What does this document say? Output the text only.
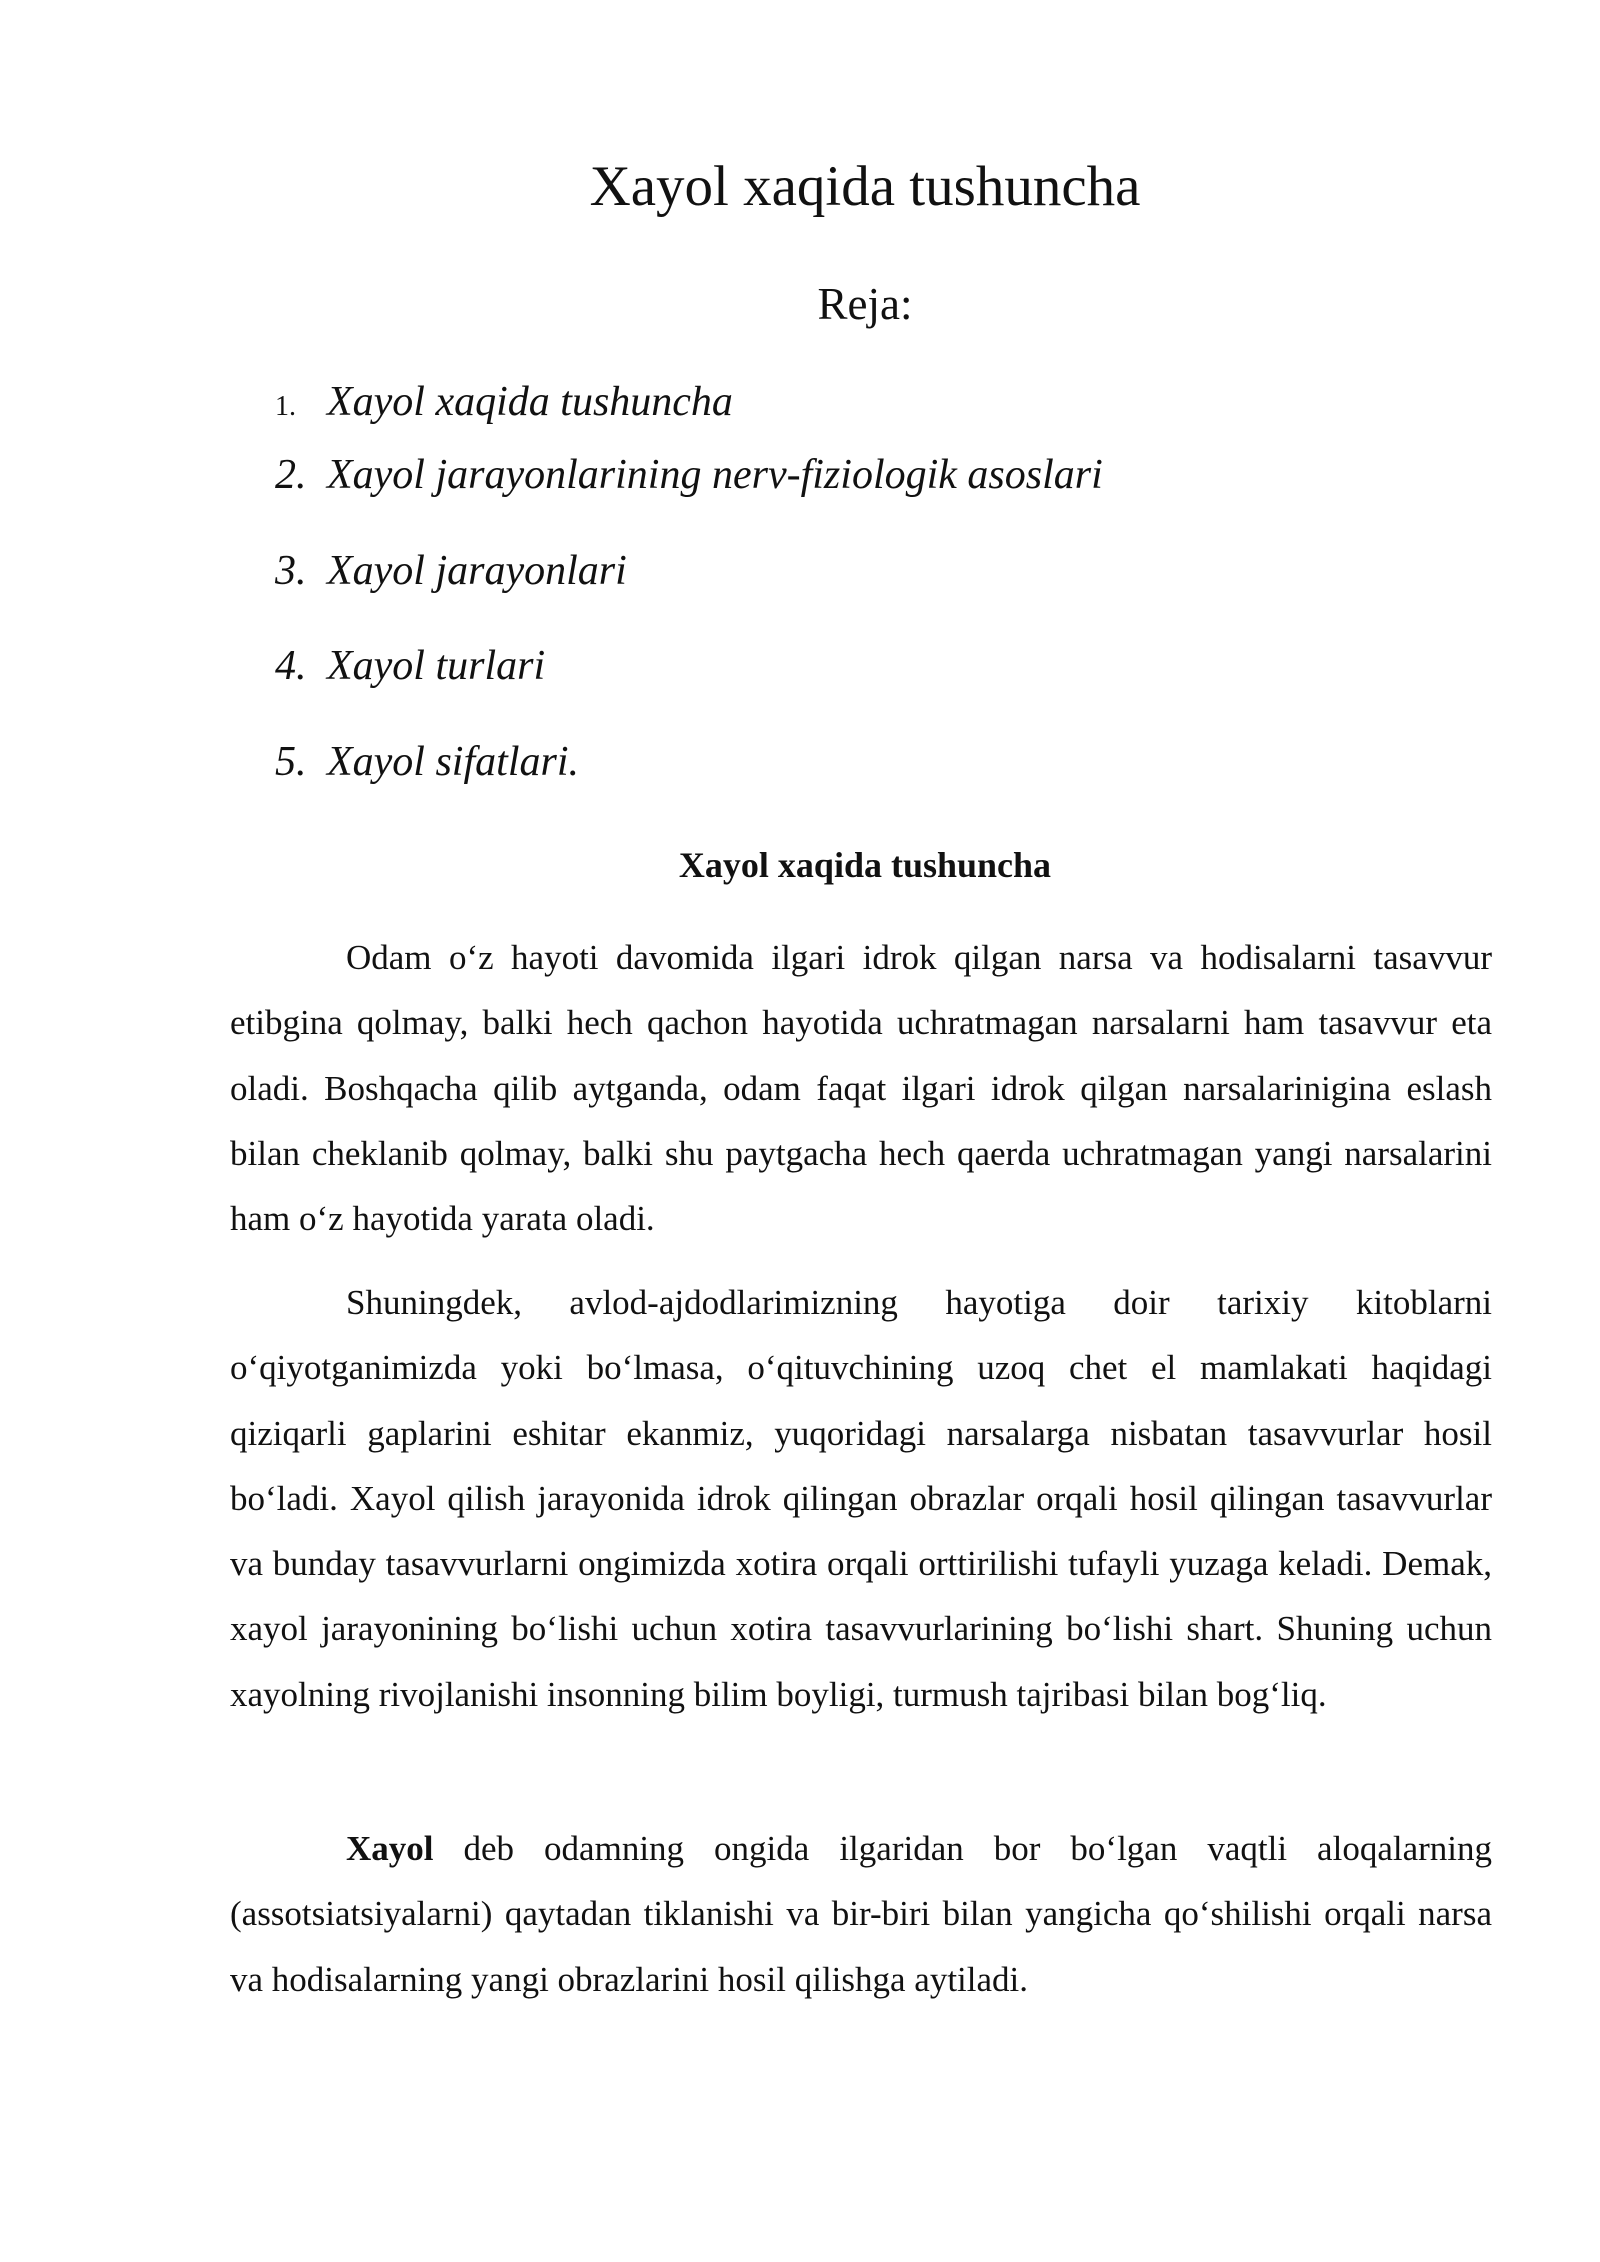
Xayol xaqida tushuncha
Reja:
1. Xayol xaqida tushuncha
2. Xayol jarayonlarining nerv-fiziologik asoslari
3. Xayol jarayonlari
4. Xayol turlari
5. Xayol sifatlari.
Xayol xaqida tushuncha

Odam o‘z hayoti davomida ilgari idrok qilgan narsa va hodisalarni tasavvur etibgina qolmay, balki hech qachon hayotida uchratmagan narsalarni ham tasavvur eta oladi. Boshqacha qilib aytganda, odam faqat ilgari idrok qilgan narsalarinigina eslash bilan cheklanib qolmay, balki shu paytgacha hech qaerda uchratmagan yangi narsalarini ham o‘z hayotida yarata oladi.

Shuningdek, avlod-ajdodlarimizning hayotiga doir tarixiy kitoblarni o‘qiyotganimizda yoki bo‘lmasa, o‘qituvchining uzoq chet el mamlakati haqidagi qiziqarli gaplarini eshitar ekanmiz, yuqoridagi narsalarga nisbatan tasavvurlar hosil bo‘ladi. Xayol qilish jarayonida idrok qilingan obrazlar orqali hosil qilingan tasavvurlar va bunday tasavvurlarni ongimizda xotira orqali orttirilishi tufayli yuzaga keladi. Demak, xayol jarayonining bo‘lishi uchun xotira tasavvurlarining bo‘lishi shart. Shuning uchun xayolning rivojlanishi insonning bilim boyligi, turmush tajribasi bilan bog‘liq.

Xayol deb odamning ongida ilgaridan bor bo‘lgan vaqtli aloqalarning (assotsiatsiyalarni) qaytadan tiklanishi va bir-biri bilan yangicha qo‘shilishi orqali narsa va hodisalarning yangi obrazlarini hosil qilishga aytiladi.
